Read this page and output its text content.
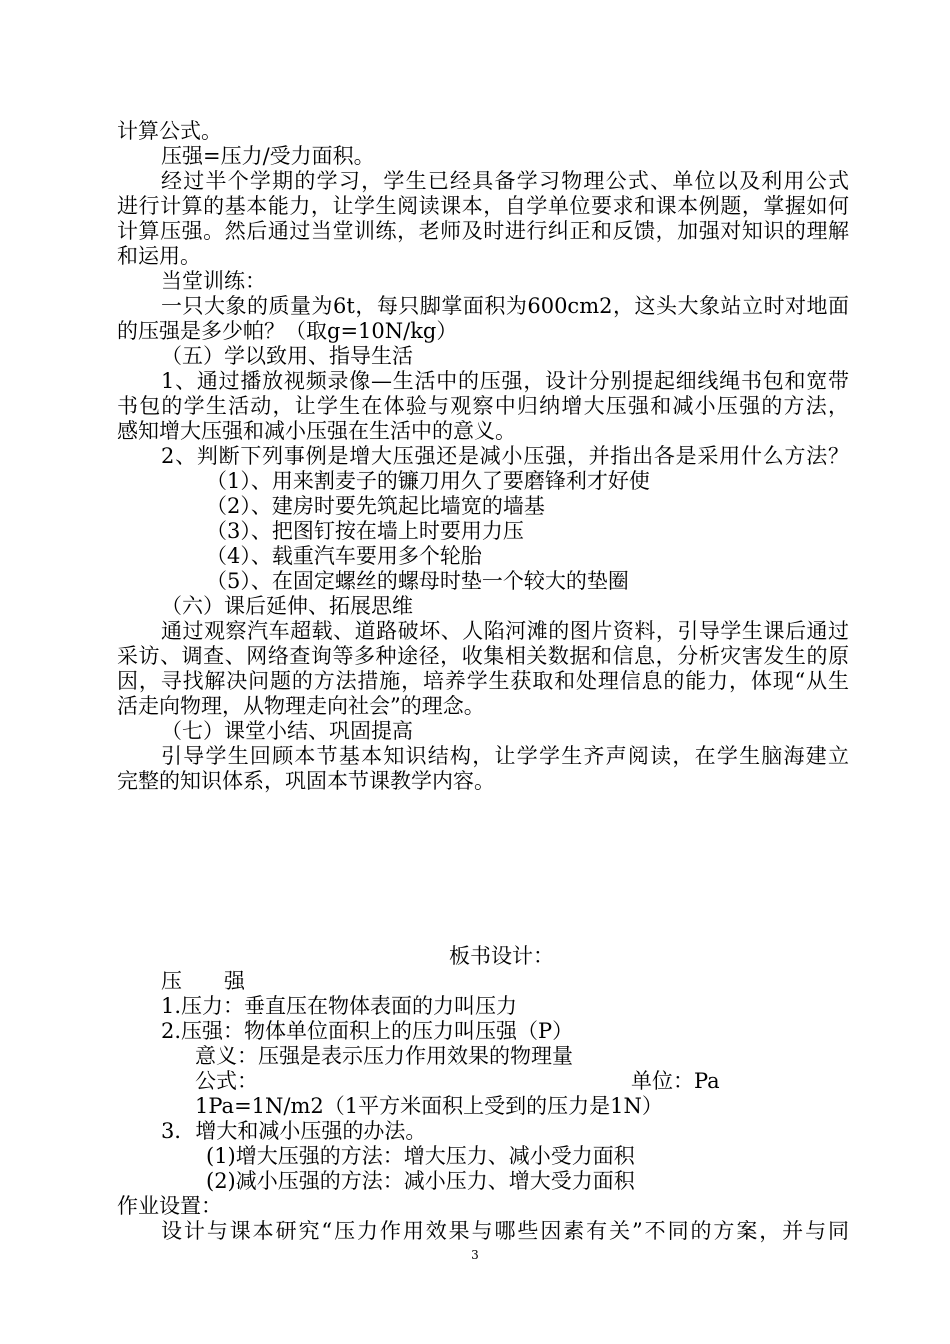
计算公式。
压强=压力/受力面积。
经过半个学期的学习，学生已经具备学习物理公式、单位以及利用公式
进行计算的基本能力，让学生阅读课本，自学单位要求和课本例题，掌握如何
计算压强。然后通过当堂训练，老师及时进行纠正和反馈，加强对知识的理解
和运用。
当堂训练：
一只大象的质量为6t，每只脚掌面积为600cm2，这头大象站立时对地面
的压强是多少帕？（取g=10N/kg）
（五）学以致用、指导生活
1、通过播放视频录像—生活中的压强，设计分别提起细线绳书包和宽带
书包的学生活动，让学生在体验与观察中归纳增大压强和减小压强的方法，
感知增大压强和减小压强在生活中的意义。
2、判断下列事例是增大压强还是减小压强，并指出各是采用什么方法？
（1）、用来割麦子的镰刀用久了要磨锋利才好使
（2）、建房时要先筑起比墙宽的墙基
（3）、把图钉按在墙上时要用力压
（4）、载重汽车要用多个轮胎
（5）、在固定螺丝的螺母时垫一个较大的垫圈
（六）课后延伸、拓展思维
通过观察汽车超载、道路破坏、人陷河滩的图片资料，引导学生课后通过
采访、调查、网络查询等多种途径，收集相关数据和信息，分析灾害发生的原
因，寻找解决问题的方法措施，培养学生获取和处理信息的能力，体现“从生
活走向物理，从物理走向社会”的理念。
（七）课堂小结、巩固提高
引导学生回顾本节基本知识结构，让学学生齐声阅读，在学生脑海建立
完整的知识体系，巩固本节课教学内容。
板书设计：
压　　强
1.压力：垂直压在物体表面的力叫压力
2.压强：物体单位面积上的压力叫压强（P）
意义：压强是表示压力作用效果的物理量
公式：	单位：Pa
1Pa=1N/m2（1平方米面积上受到的压力是1N）
3．增大和减小压强的办法。
(1)增大压强的方法：增大压力、减小受力面积
(2)减小压强的方法：减小压力、增大受力面积
作业设置：
设计与课本研究“压力作用效果与哪些因素有关”不同的方案，并与同
3
